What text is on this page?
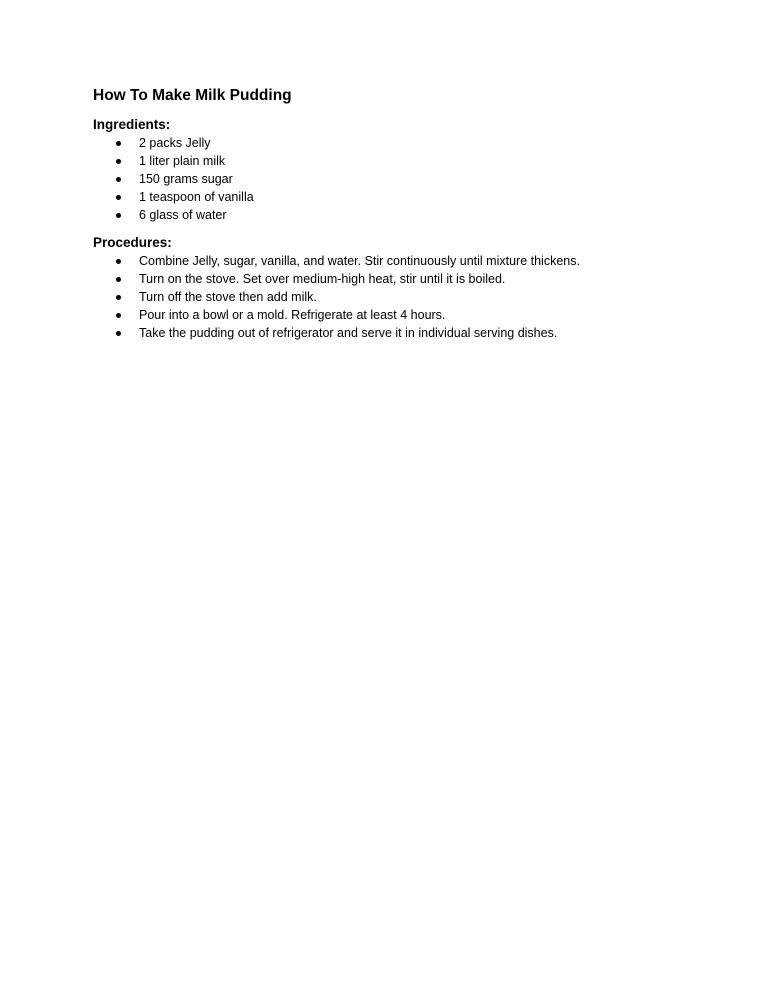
How To Make Milk Pudding
Ingredients:
2 packs Jelly
1 liter plain milk
150 grams sugar
1 teaspoon of vanilla
6 glass of water
Procedures:
Combine Jelly, sugar, vanilla, and water. Stir continuously until mixture thickens.
Turn on the stove. Set over medium-high heat, stir until it is boiled.
Turn off the stove then add milk.
Pour into a bowl or a mold. Refrigerate at least 4 hours.
Take the pudding out of refrigerator and serve it in individual serving dishes.
